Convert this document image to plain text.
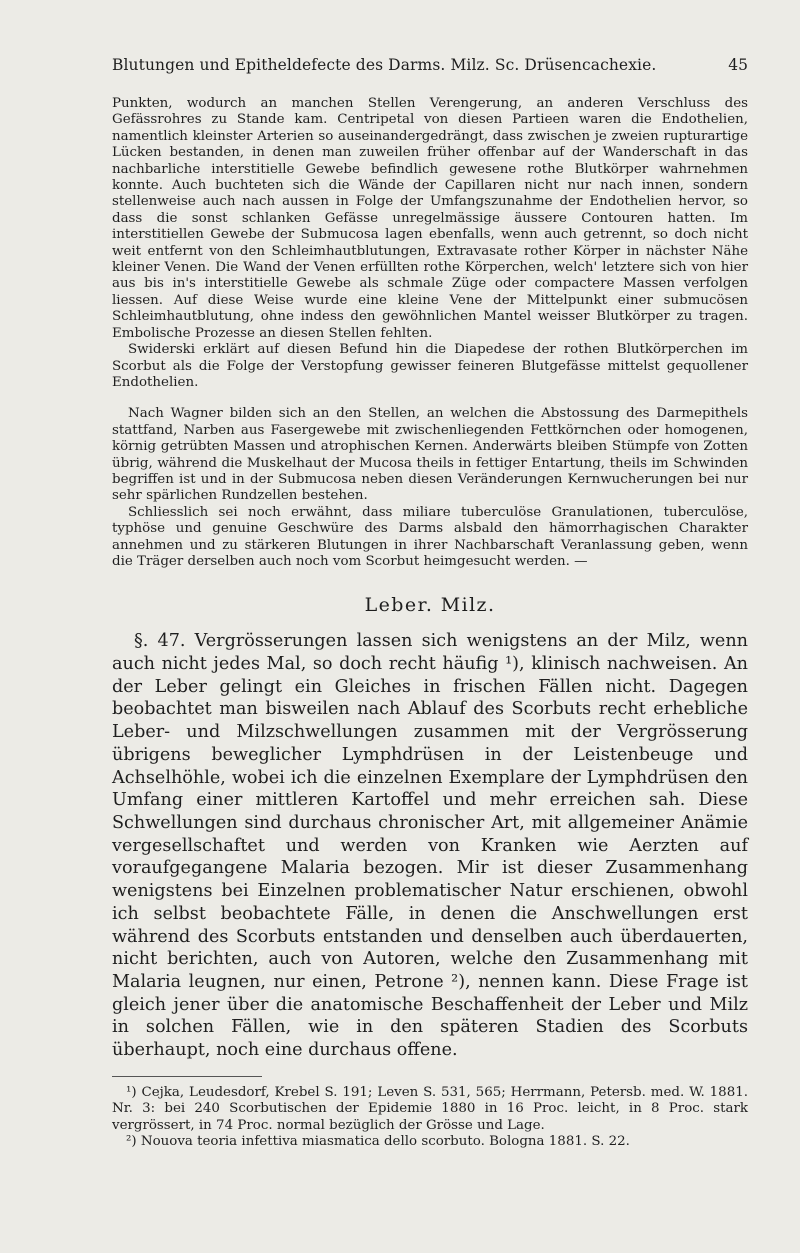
Blutungen und Epitheldefecte des Darms. Milz. Sc. Drüsencachexie.	45

Punkten, wodurch an manchen Stellen Verengerung, an anderen Verschluss des Gefässrohres zu Stande kam. Centripetal von diesen Partieen waren die Endothelien, namentlich kleinster Arterien so auseinandergedrängt, dass zwischen je zweien rupturartige Lücken bestanden, in denen man zuweilen früher offenbar auf der Wanderschaft in das nachbarliche interstitielle Gewebe befindlich gewesene rothe Blutkörper wahrnehmen konnte. Auch buchteten sich die Wände der Capillaren nicht nur nach innen, sondern stellenweise auch nach aussen in Folge der Umfangszunahme der Endothelien hervor, so dass die sonst schlanken Gefässe unregelmässige äussere Contouren hatten. Im interstitiellen Gewebe der Submucosa lagen ebenfalls, wenn auch getrennt, so doch nicht weit entfernt von den Schleimhautblutungen, Extravasate rother Körper in nächster Nähe kleiner Venen. Die Wand der Venen erfüllten rothe Körperchen, welch' letztere sich von hier aus bis in's interstitielle Gewebe als schmale Züge oder compactere Massen verfolgen liessen. Auf diese Weise wurde eine kleine Vene der Mittelpunkt einer submucösen Schleimhautblutung, ohne indess den gewöhnlichen Mantel weisser Blutkörper zu tragen. Embolische Prozesse an diesen Stellen fehlten.

Swiderski erklärt auf diesen Befund hin die Diapedese der rothen Blutkörperchen im Scorbut als die Folge der Verstopfung gewisser feineren Blutgefässe mittelst gequollener Endothelien.

Nach Wagner bilden sich an den Stellen, an welchen die Abstossung des Darmepithels stattfand, Narben aus Fasergewebe mit zwischenliegenden Fettkörnchen oder homogenen, körnig getrübten Massen und atrophischen Kernen. Anderwärts bleiben Stümpfe von Zotten übrig, während die Muskelhaut der Mucosa theils in fettiger Entartung, theils im Schwinden begriffen ist und in der Submucosa neben diesen Veränderungen Kernwucherungen bei nur sehr spärlichen Rundzellen bestehen.

Schliesslich sei noch erwähnt, dass miliare tuberculöse Granulationen, tuberculöse, typhöse und genuine Geschwüre des Darms alsbald den hämorrhagischen Charakter annehmen und zu stärkeren Blutungen in ihrer Nachbarschaft Veranlassung geben, wenn die Träger derselben auch noch vom Scorbut heimgesucht werden. —

Leber. Milz.

§. 47. Vergrösserungen lassen sich wenigstens an der Milz, wenn auch nicht jedes Mal, so doch recht häufig ¹), klinisch nachweisen. An der Leber gelingt ein Gleiches in frischen Fällen nicht. Dagegen beobachtet man bisweilen nach Ablauf des Scorbuts recht erhebliche Leber- und Milzschwellungen zusammen mit der Vergrösserung übrigens beweglicher Lymphdrüsen in der Leistenbeuge und Achselhöhle, wobei ich die einzelnen Exemplare der Lymphdrüsen den Umfang einer mittleren Kartoffel und mehr erreichen sah. Diese Schwellungen sind durchaus chronischer Art, mit allgemeiner Anämie vergesellschaftet und werden von Kranken wie Aerzten auf voraufgegangene Malaria bezogen. Mir ist dieser Zusammenhang wenigstens bei Einzelnen problematischer Natur erschienen, obwohl ich selbst beobachtete Fälle, in denen die Anschwellungen erst während des Scorbuts entstanden und denselben auch überdauerten, nicht berichten, auch von Autoren, welche den Zusammenhang mit Malaria leugnen, nur einen, Petrone ²), nennen kann. Diese Frage ist gleich jener über die anatomische Beschaffenheit der Leber und Milz in solchen Fällen, wie in den späteren Stadien des Scorbuts überhaupt, noch eine durchaus offene.

¹) Cejka, Leudesdorf, Krebel S. 191; Leven S. 531, 565; Herrmann, Petersb. med. W. 1881. Nr. 3: bei 240 Scorbutischen der Epidemie 1880 in 16 Proc. leicht, in 8 Proc. stark vergrössert, in 74 Proc. normal bezüglich der Grösse und Lage.

²) Nouova teoria infettiva miasmatica dello scorbuto. Bologna 1881. S. 22.
